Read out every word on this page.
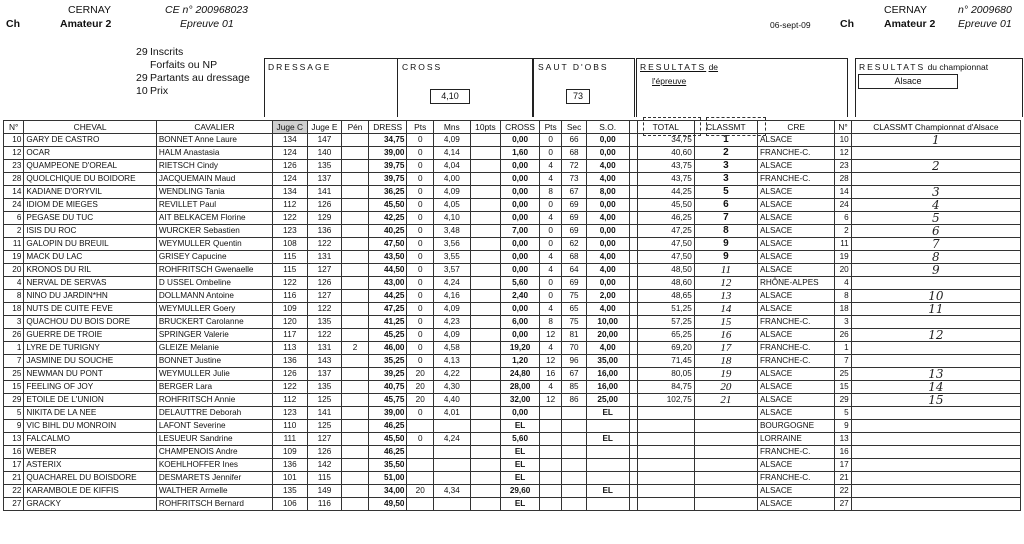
CERNAY
Ch	Amateur 2
CE n° 200968023
Epreuve 01	06-sept-09	Ch	Amateur 2
CERNAY	n° 2009680
Epreuve 01
29 Inscrits
Forfaits ou NP
29 Partants au dressage
10 Prix
DRESSAGE	CROSS
4,10
SAUT D'OBS
73
RESULTATS de
l'épreuve
RESULTATS du championnat
Alsace
N°	CHEVAL	CAVALIER	Juge C	Juge E	Pén	DRESS	Pts	Mns	10pts	CROSS	Pts	Sec	S.O.		TOTAL	CLASSMT	CRE	N°	CLASSMT Championnat d'Alsace
10	GARY DE CASTRO	BONNET Anne Laure	134	147		34,75	0	4,09		0,00	0	66	0,00		34,75	1	ALSACE	10	1
12	OCAR	HALM Anastasia	124	140		39,00	0	4,14		1,60	0	68	0,00		40,60	2	FRANCHE-C.	12	
23	QUAMPEONE D'OREAL	RIETSCH Cindy	126	135		39,75	0	4,04		0,00	4	72	4,00		43,75	3	ALSACE	23	2
28	QUOLCHIQUE DU BOIDORE	JACQUEMAIN Maud	124	137		39,75	0	4,00		0,00	4	73	4,00		43,75	3	FRANCHE-C.	28	
14	KADIANE D'ORYVIL	WENDLING Tania	134	141		36,25	0	4,09		0,00	8	67	8,00		44,25	5	ALSACE	14	3
24	IDIOM DE MIEGES	REVILLET Paul	112	126		45,50	0	4,05		0,00	0	69	0,00		45,50	6	ALSACE	24	4
6	PEGASE DU TUC	AIT BELKACEM Florine	122	129		42,25	0	4,10		0,00	4	69	4,00		46,25	7	ALSACE	6	5
2	ISIS DU ROC	WURCKER Sebastien	123	136		40,25	0	3,48		7,00	0	69	0,00		47,25	8	ALSACE	2	6
11	GALOPIN DU BREUIL	WEYMULLER Quentin	108	122		47,50	0	3,56		0,00	0	62	0,00		47,50	9	ALSACE	11	7
19	MACK DU LAC	GRISEY Capucine	115	131		43,50	0	3,55		0,00	4	68	4,00		47,50	9	ALSACE	19	8
20	KRONOS DU RIL	ROHFRITSCH Gwenaelle	115	127		44,50	0	3,57		0,00	4	64	4,00		48,50	11	ALSACE	20	9
4	NERVAL DE SERVAS	D USSEL Ombeline	122	126		43,00	0	4,24		5,60	0	69	0,00		48,60	12	RHÔNE-ALPES	4	
8	NINO DU JARDIN*HN	DOLLMANN Antoine	116	127		44,25	0	4,16		2,40	0	75	2,00		48,65	13	ALSACE	8	10
18	NUTS DE CUITE FEVE	WEYMULLER Goery	109	122		47,25	0	4,09		0,00	4	65	4,00		51,25	14	ALSACE	18	11
3	QUACHOU DU BOIS DORE	BRUCKERT Carolanne	120	135		41,25	0	4,23		6,00	8	75	10,00		57,25	15	FRANCHE-C.	3	
26	GUERRE DE TROIE	SPRINGER Valerie	117	122		45,25	0	4,09		0,00	12	81	20,00		65,25	16	ALSACE	26	12
1	LYRE DE TURIGNY	GLEIZE Melanie	113	131	2	46,00	0	4,58		19,20	4	70	4,00		69,20	17	FRANCHE-C.	1	
7	JASMINE DU SOUCHE	BONNET Justine	136	143		35,25	0	4,13		1,20	12	96	35,00		71,45	18	FRANCHE-C.	7	
25	NEWMAN DU PONT	WEYMULLER Julie	126	137		39,25	20	4,22		24,80	16	67	16,00		80,05	19	ALSACE	25	13
15	FEELING OF JOY	BERGER Lara	122	135		40,75	20	4,30		28,00	4	85	16,00		84,75	20	ALSACE	15	14
29	ETOILE DE L'UNION	ROHFRITSCH Annie	112	125		45,75	20	4,40		32,00	12	86	25,00		102,75	21	ALSACE	29	15
5	NIKITA DE LA NEE	DELAUTTRE Deborah	123	141		39,00	0	4,01		0,00			EL				ALSACE	5	
9	VIC BIHL DU MONROIN	LAFONT Severine	110	125		46,25				EL							BOURGOGNE	9	
13	FALCALMO	LESUEUR Sandrine	111	127		45,50	0	4,24		5,60			EL				LORRAINE	13	
16	WEBER	CHAMPENOIS Andre	109	126		46,25				EL							FRANCHE-C.	16	
17	ASTERIX	KOEHLHOFFER Ines	136	142		35,50				EL							ALSACE	17	
21	QUACHAREL DU BOISDORE	DESMARETS Jennifer	101	115		51,00				EL							FRANCHE-C.	21	
22	KARAMBOLE DE KIFFIS	WALTHER Armelle	135	149		34,00	20	4,34		29,60			EL				ALSACE	22	
27	GRACKY	ROHFRITSCH Bernard	106	116		49,50				EL							ALSACE	27	
